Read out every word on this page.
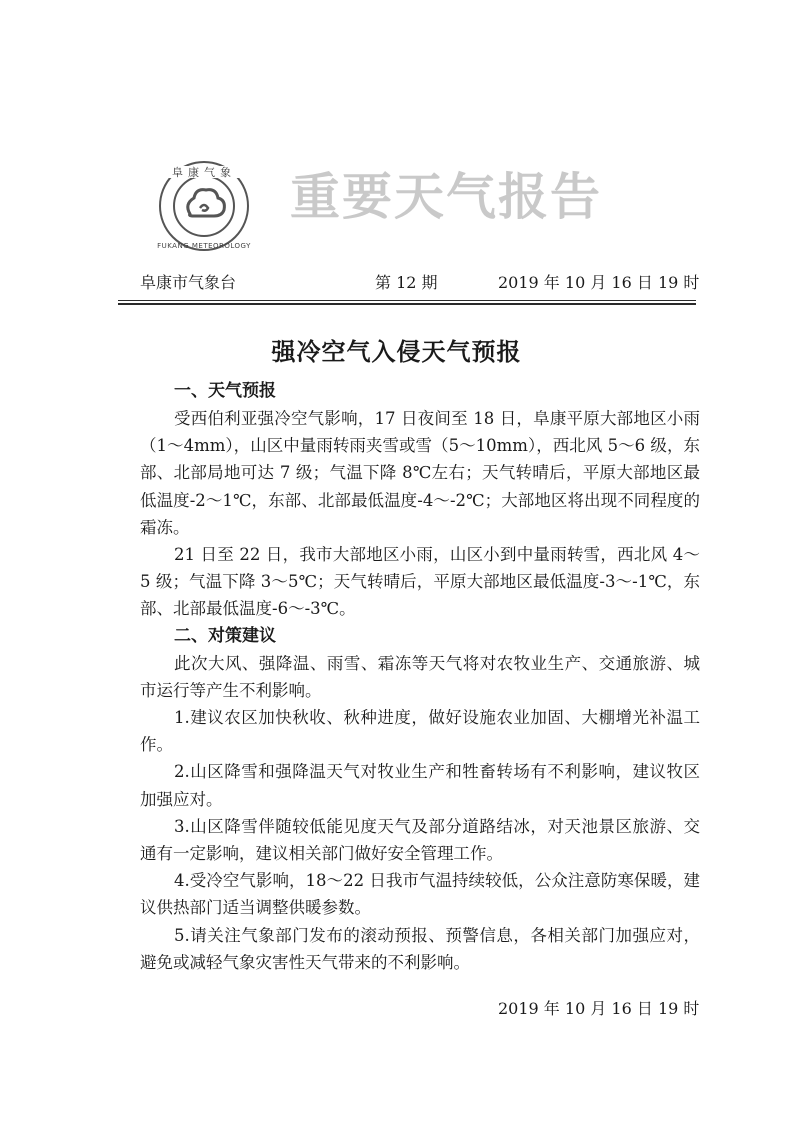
阜康气象
FUKANG METEOROLOGY
重要天气报告
阜康市气象台	第 12 期	2019 年 10 月 16 日 19 时
强冷空气入侵天气预报

一、天气预报

受西伯利亚强冷空气影响，17 日夜间至 18 日，阜康平原大部地区小雨（1～4mm），山区中量雨转雨夹雪或雪（5～10mm），西北风 5～6 级，东部、北部局地可达 7 级；气温下降 8℃左右；天气转晴后，平原大部地区最低温度-2～1℃，东部、北部最低温度-4～-2℃；大部地区将出现不同程度的霜冻。

21 日至 22 日，我市大部地区小雨，山区小到中量雨转雪，西北风 4～5 级；气温下降 3～5℃；天气转晴后，平原大部地区最低温度-3～-1℃，东部、北部最低温度-6～-3℃。

二、对策建议

此次大风、强降温、雨雪、霜冻等天气将对农牧业生产、交通旅游、城市运行等产生不利影响。

1.建议农区加快秋收、秋种进度，做好设施农业加固、大棚增光补温工作。

2.山区降雪和强降温天气对牧业生产和牲畜转场有不利影响，建议牧区加强应对。

3.山区降雪伴随较低能见度天气及部分道路结冰，对天池景区旅游、交通有一定影响，建议相关部门做好安全管理工作。

4.受冷空气影响，18～22 日我市气温持续较低，公众注意防寒保暖，建议供热部门适当调整供暖参数。

5.请关注气象部门发布的滚动预报、预警信息，各相关部门加强应对，避免或减轻气象灾害性天气带来的不利影响。

2019 年 10 月 16 日 19 时
